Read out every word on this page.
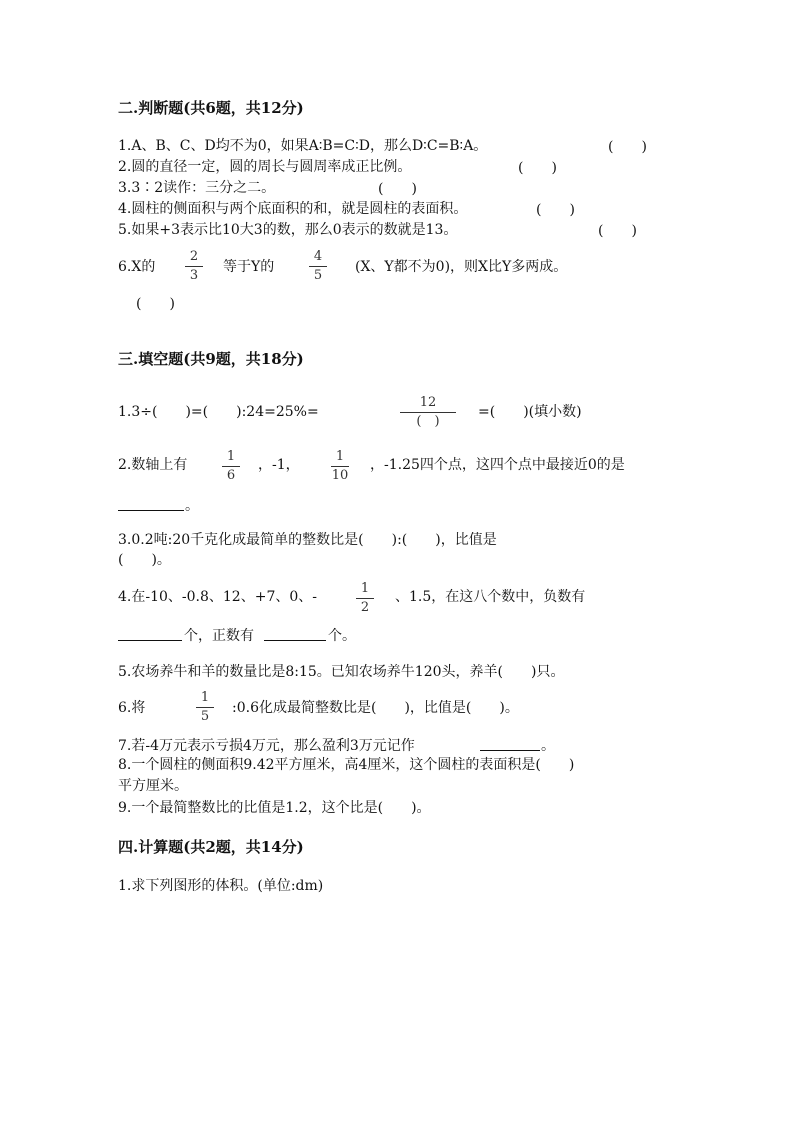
二.判断题(共6题，共12分)
1.A、B、C、D均不为0，如果A∶B=C∶D，那么D∶C=B∶A。	(　　)
2.圆的直径一定，圆的周长与圆周率成正比例。	(　　)
3.3∶2读作：三分之二。	(　　)
4.圆柱的侧面积与两个底面积的和，就是圆柱的表面积。	(　　)
5.如果+3表示比10大3的数，那么0表示的数就是13。	(　　)
6.X的
2
3
等于Y的
4
5
(X、Y都不为0)，则X比Y多两成。
(　　)
三.填空题(共9题，共18分)
1.3÷(　　)=(　　):24=25%=
12
(　)
=(　　)(填小数)
2.数轴上有
1
6
，-1，
1
10
，-1.25四个点，这四个点中最接近0的是
。
3.0.2吨:20千克化成最简单的整数比是(　　):(　　)，比值是
(　　)。
4.在-10、-0.8、12、+7、0、-
1
2
、1.5，在这八个数中，负数有
个，正数有	个。
5.农场养牛和羊的数量比是8:15。已知农场养牛120头，养羊(　　)只。
6.将
1
5
:0.6化成最简整数比是(　　)，比值是(　　)。
7.若-4万元表示亏损4万元，那么盈利3万元记作	。
8.一个圆柱的侧面积9.42平方厘米，高4厘米，这个圆柱的表面积是(　　)
平方厘米。
9.一个最简整数比的比值是1.2，这个比是(　　)。
四.计算题(共2题，共14分)
1.求下列图形的体积。(单位:dm)
